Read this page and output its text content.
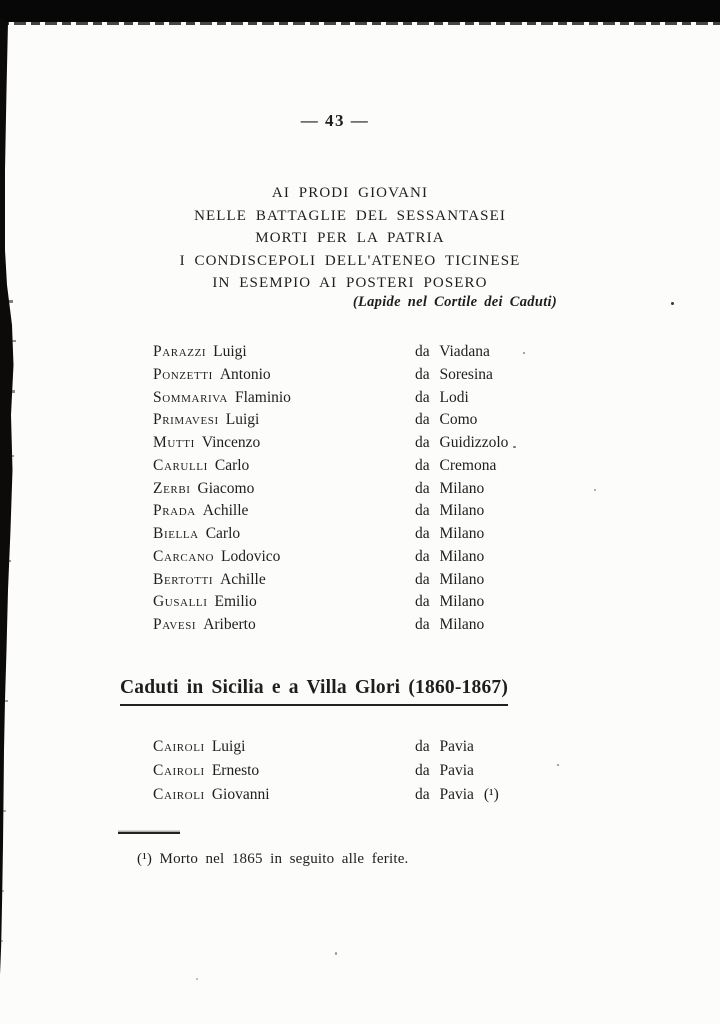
— 43 —
AI PRODI GIOVANI
NELLE BATTAGLIE DEL SESSANTASEI
MORTI PER LA PATRIA
I CONDISCEPOLI DELL'ATENEO TICINESE
IN ESEMPIO AI POSTERI POSERO
(Lapide nel Cortile dei Caduti)
Parazzi Luigi	da Viadana
Ponzetti Antonio	da Soresina
Sommariva Flaminio	da Lodi
Primavesi Luigi	da Como
Mutti Vincenzo	da Guidizzolo
Carulli Carlo	da Cremona
Zerbi Giacomo	da Milano
Prada Achille	da Milano
Biella Carlo	da Milano
Carcano Lodovico	da Milano
Bertotti Achille	da Milano
Gusalli Emilio	da Milano
Pavesi Ariberto	da Milano
Caduti in Sicilia e a Villa Glori (1860-1867)
Cairoli Luigi	da Pavia
Cairoli Ernesto	da Pavia
Cairoli Giovanni	da Pavia (¹)
(¹) Morto nel 1865 in seguito alle ferite.
